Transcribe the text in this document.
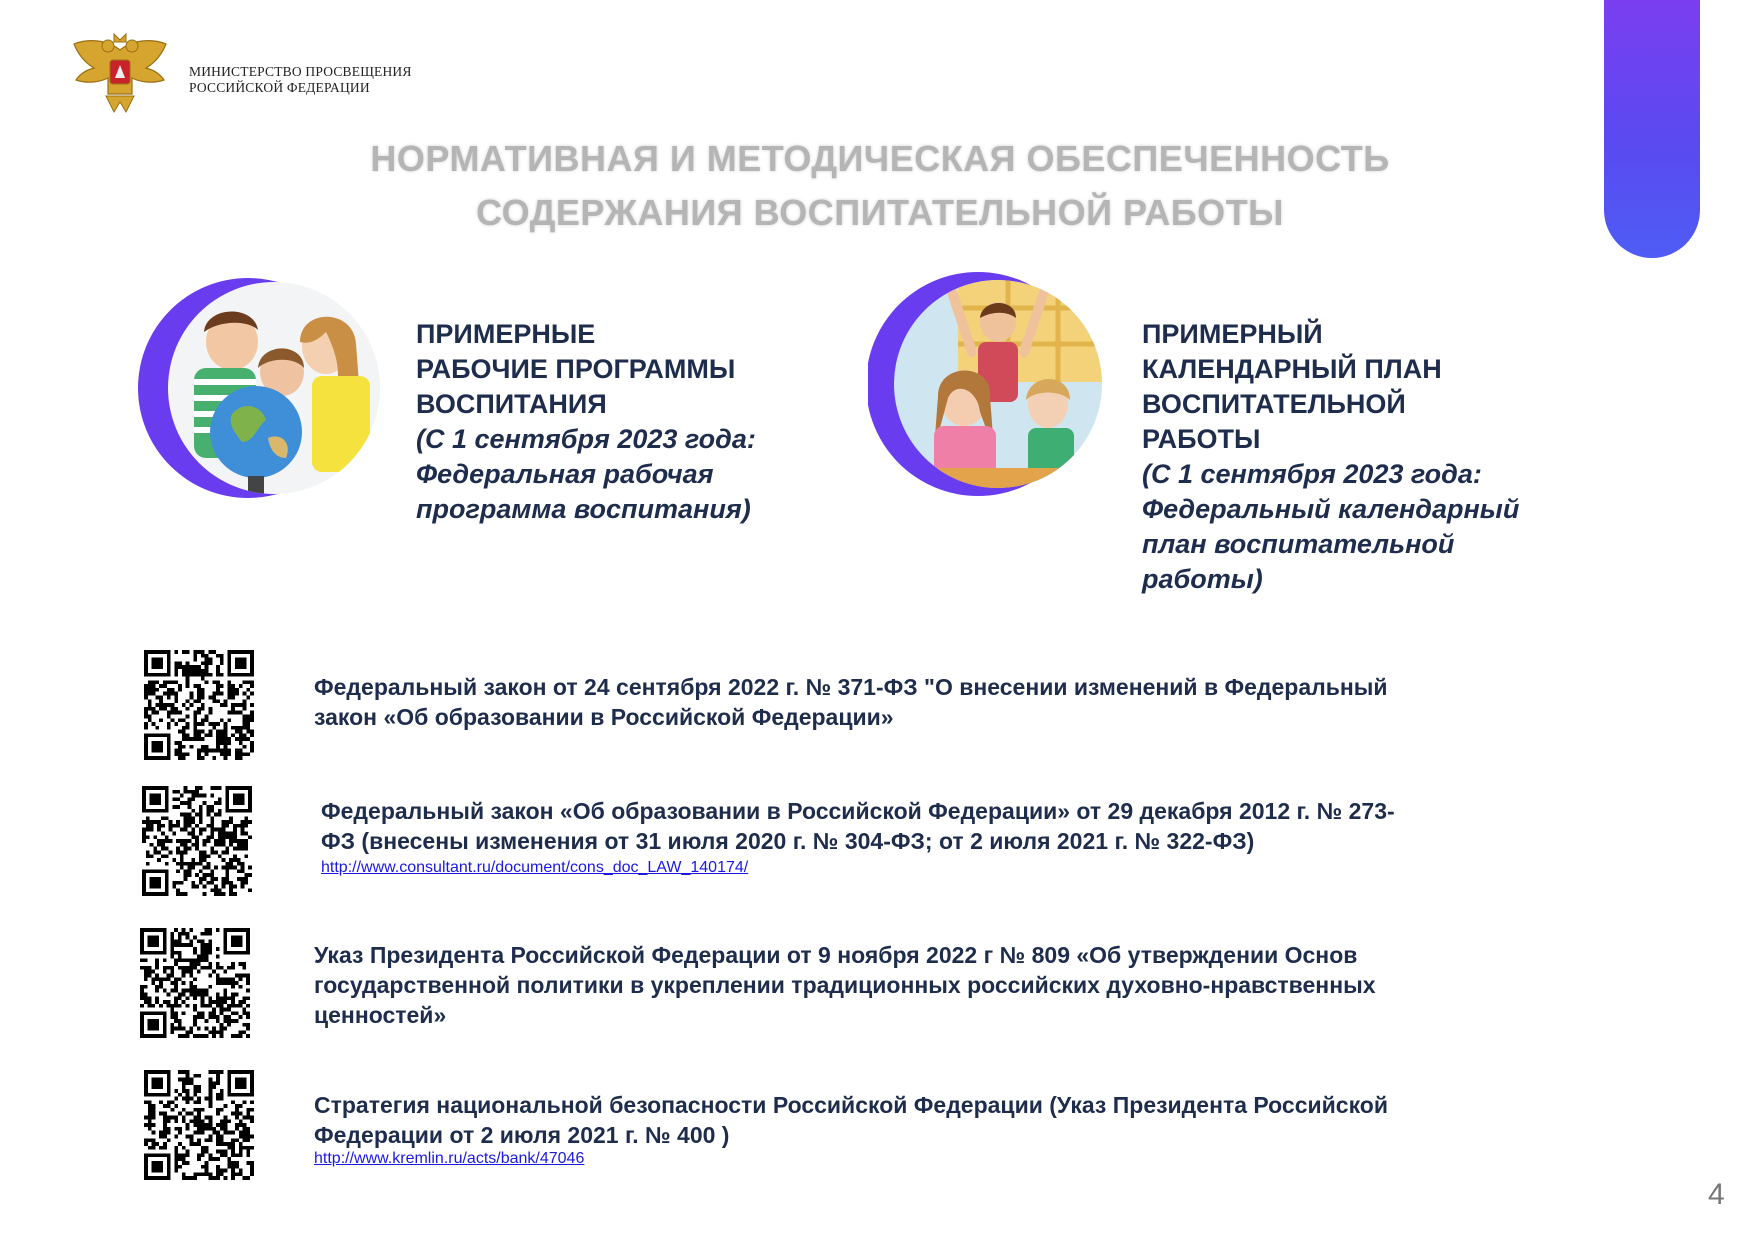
МИНИСТЕРСТВО ПРОСВЕЩЕНИЯ
РОССИЙСКОЙ ФЕДЕРАЦИИ
НОРМАТИВНАЯ И МЕТОДИЧЕСКАЯ ОБЕСПЕЧЕННОСТЬ
СОДЕРЖАНИЯ ВОСПИТАТЕЛЬНОЙ РАБОТЫ
ПРИМЕРНЫЕ
РАБОЧИЕ ПРОГРАММЫ
ВОСПИТАНИЯ
(С 1 сентября 2023 года:
Федеральная рабочая
программа воспитания)
ПРИМЕРНЫЙ
КАЛЕНДАРНЫЙ ПЛАН
ВОСПИТАТЕЛЬНОЙ
РАБОТЫ
(С 1 сентября 2023 года:
Федеральный календарный
план воспитательной
работы)
Федеральный закон от 24 сентября 2022 г. № 371-ФЗ "О внесении изменений в Федеральный
закон «Об образовании в Российской Федерации»
Федеральный закон «Об образовании в Российской Федерации» от 29 декабря 2012 г. № 273-
ФЗ (внесены изменения от 31 июля 2020 г. № 304-ФЗ; от 2 июля 2021 г. № 322-ФЗ)
http://www.consultant.ru/document/cons_doc_LAW_140174/
Указ Президента Российской Федерации от 9 ноября 2022 г № 809 «Об утверждении Основ
государственной политики в укреплении традиционных российских духовно-нравственных
ценностей»
Стратегия национальной безопасности Российской Федерации (Указ Президента Российской
Федерации от 2 июля 2021 г. № 400 )
http://www.kremlin.ru/acts/bank/47046
4
